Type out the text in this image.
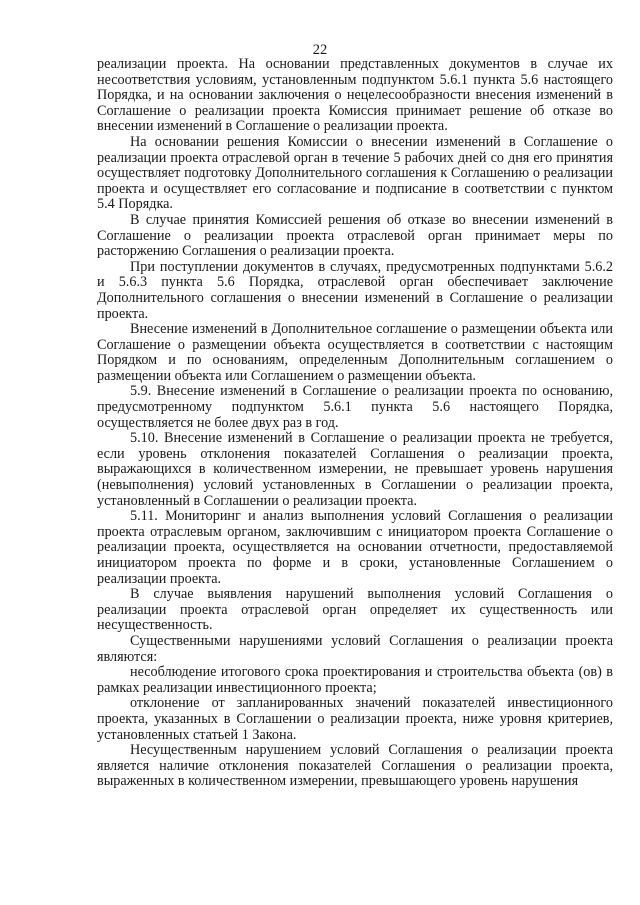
22

реализации проекта. На основании представленных документов в случае их несоответствия условиям, установленным подпунктом 5.6.1 пункта 5.6 настоящего Порядка, и на основании заключения о нецелесообразности внесения изменений в Соглашение о реализации проекта Комиссия принимает решение об отказе во внесении изменений в Соглашение о реализации проекта.

На основании решения Комиссии о внесении изменений в Соглашение о реализации проекта отраслевой орган в течение 5 рабочих дней со дня его принятия осуществляет подготовку Дополнительного соглашения к Соглашению о реализации проекта и осуществляет его согласование и подписание в соответствии с пунктом 5.4 Порядка.

В случае принятия Комиссией решения об отказе во внесении изменений в Соглашение о реализации проекта отраслевой орган принимает меры по расторжению Соглашения о реализации проекта.

При поступлении документов в случаях, предусмотренных подпунктами 5.6.2 и 5.6.3 пункта 5.6 Порядка, отраслевой орган обеспечивает заключение Дополнительного соглашения о внесении изменений в Соглашение о реализации проекта.

Внесение изменений в Дополнительное соглашение о размещении объекта или Соглашение о размещении объекта осуществляется в соответствии с настоящим Порядком и по основаниям, определенным Дополнительным соглашением о размещении объекта или Соглашением о размещении объекта.

5.9. Внесение изменений в Соглашение о реализации проекта по основанию, предусмотренному подпунктом 5.6.1 пункта 5.6 настоящего Порядка, осуществляется не более двух раз в год.

5.10. Внесение изменений в Соглашение о реализации проекта не требуется, если уровень отклонения показателей Соглашения о реализации проекта, выражающихся в количественном измерении, не превышает уровень нарушения (невыполнения) условий установленных в Соглашении о реализации проекта, установленный в Соглашении о реализации проекта.

5.11. Мониторинг и анализ выполнения условий Соглашения о реализации проекта отраслевым органом, заключившим с инициатором проекта Соглашение о реализации проекта, осуществляется на основании отчетности, предоставляемой инициатором проекта по форме и в сроки, установленные Соглашением о реализации проекта.

В случае выявления нарушений выполнения условий Соглашения о реализации проекта отраслевой орган определяет их существенность или несущественность.

Существенными нарушениями условий Соглашения о реализации проекта являются:

несоблюдение итогового срока проектирования и строительства объекта (ов) в рамках реализации инвестиционного проекта;

отклонение от запланированных значений показателей инвестиционного проекта, указанных в Соглашении о реализации проекта, ниже уровня критериев, установленных статьей 1 Закона.

Несущественным нарушением условий Соглашения о реализации проекта является наличие отклонения показателей Соглашения о реализации проекта, выраженных в количественном измерении, превышающего уровень нарушения
